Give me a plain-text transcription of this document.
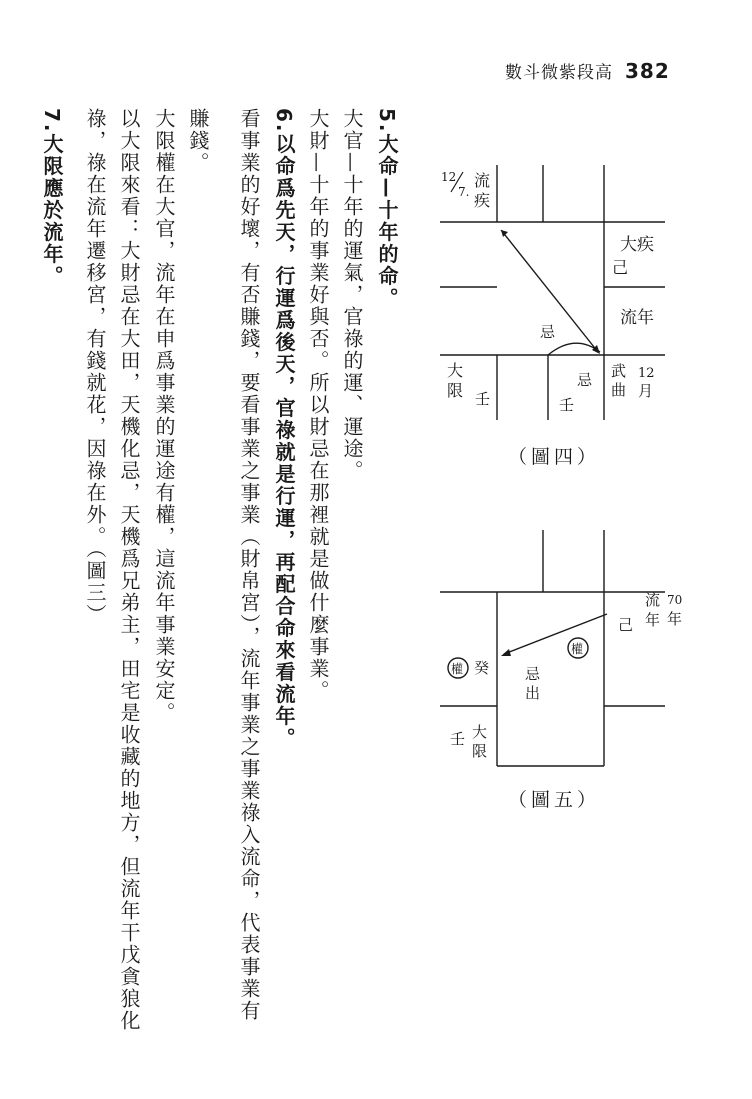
數斗微紫段高 382
5.大命—十年的命。
大官—十年的運氣，官祿的運、運途。
大財—十年的事業好與否。所以財忌在那裡就是做什麼事業。
6.以命爲先天，行運爲後天，官祿就是行運，再配合命來看流年。
看事業的好壞，有否賺錢，要看事業之事業（財帛宮），流年事業之事業祿入流命，代表事業有
賺錢。
大限權在大官，流年在申爲事業的運途有權，這流年事業安定。
以大限來看：大財忌在大田，天機化忌，天機爲兄弟主，田宅是收藏的地方，但流年干戊貪狼化
祿，祿在流年遷移宮，有錢就花，因祿在外。（圖三）
7.大限應於流年。	12
7.
流
疾
大疾
己
流年
忌
大
限 壬	壬
忌 武
曲
12
月
（圖四）
流
年
70
年
己
權
權 癸 忌
出
壬 大
限
（圖五）
